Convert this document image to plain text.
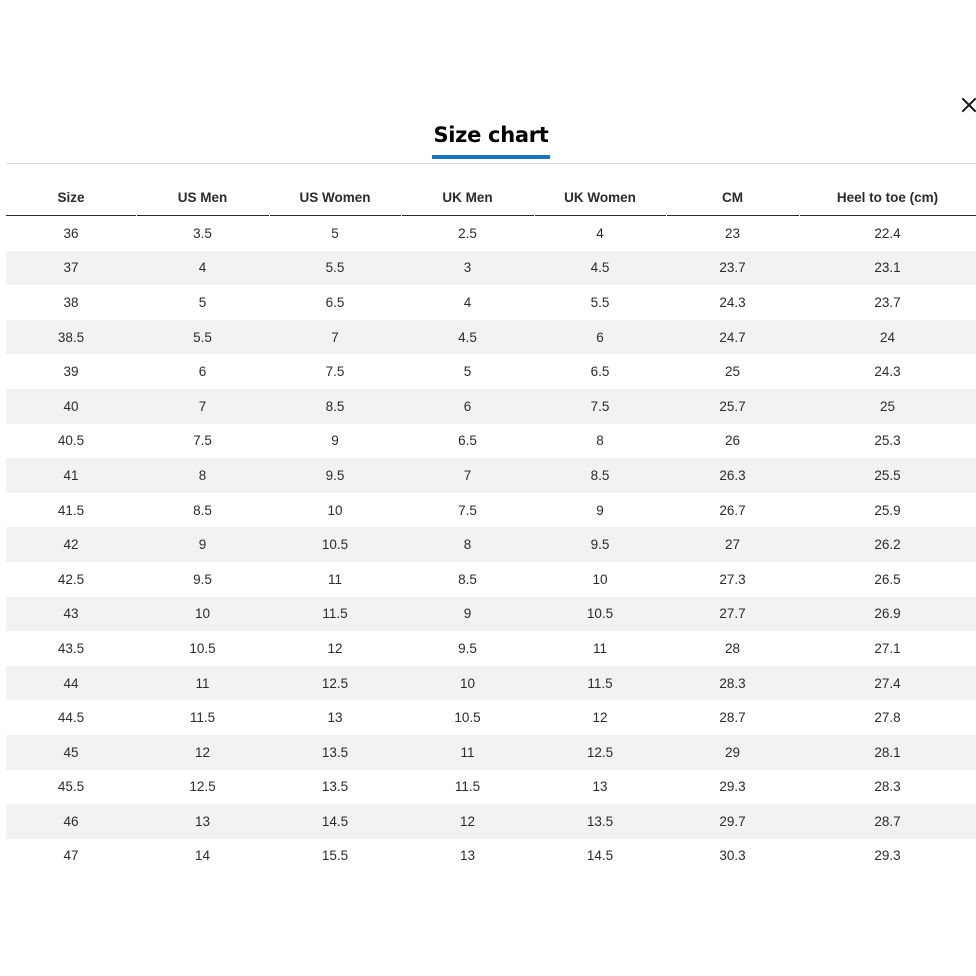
Size chart
Size	US Men	US Women	UK Men	UK Women	CM	Heel to toe (cm)
36	3.5	5	2.5	4	23	22.4
37	4	5.5	3	4.5	23.7	23.1
38	5	6.5	4	5.5	24.3	23.7
38.5	5.5	7	4.5	6	24.7	24
39	6	7.5	5	6.5	25	24.3
40	7	8.5	6	7.5	25.7	25
40.5	7.5	9	6.5	8	26	25.3
41	8	9.5	7	8.5	26.3	25.5
41.5	8.5	10	7.5	9	26.7	25.9
42	9	10.5	8	9.5	27	26.2
42.5	9.5	11	8.5	10	27.3	26.5
43	10	11.5	9	10.5	27.7	26.9
43.5	10.5	12	9.5	11	28	27.1
44	11	12.5	10	11.5	28.3	27.4
44.5	11.5	13	10.5	12	28.7	27.8
45	12	13.5	11	12.5	29	28.1
45.5	12.5	13.5	11.5	13	29.3	28.3
46	13	14.5	12	13.5	29.7	28.7
47	14	15.5	13	14.5	30.3	29.3
